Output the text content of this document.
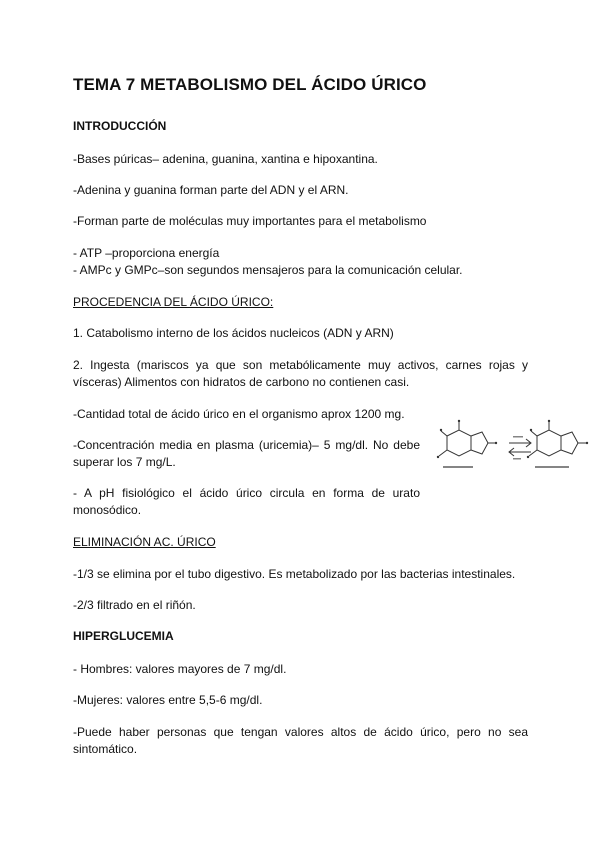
TEMA 7 METABOLISMO DEL ÁCIDO ÚRICO

INTRODUCCIÓN

-Bases púricas– adenina, guanina, xantina e hipoxantina.

-Adenina y guanina forman parte del ADN y el ARN.

-Forman parte de moléculas muy importantes para el metabolismo

- ATP –proporciona energía

- AMPc y GMPc–son segundos mensajeros para la comunicación celular.

PROCEDENCIA DEL ÁCIDO ÚRICO:

1. Catabolismo interno de los ácidos nucleicos (ADN y ARN)

2. Ingesta (mariscos ya que son metabólicamente muy activos, carnes rojas y vísceras) Alimentos con hidratos de carbono no contienen casi.

-Cantidad total de ácido úrico en el organismo aprox 1200 mg.

-Concentración media en plasma (uricemia)– 5 mg/dl. No debe superar los 7 mg/L.

- A pH fisiológico el ácido úrico circula en forma de urato monosódico.

ELIMINACIÓN AC. ÚRICO

-1/3 se elimina por el tubo digestivo. Es metabolizado por las bacterias intestinales.

-2/3 filtrado en el riñón.

HIPERGLUCEMIA

- Hombres: valores mayores de 7 mg/dl.

-Mujeres: valores entre 5,5-6 mg/dl.

-Puede haber personas que tengan valores altos de ácido úrico, pero no sea sintomático.
